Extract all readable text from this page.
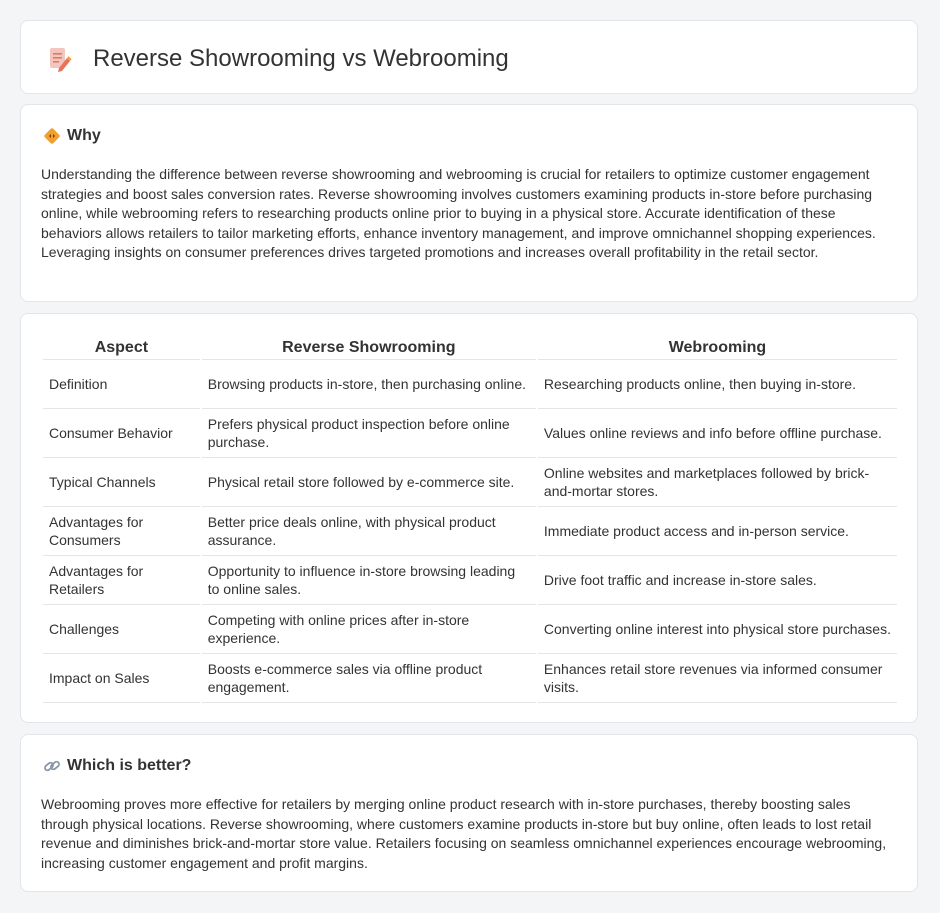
Reverse Showrooming vs Webrooming
Why

Understanding the difference between reverse showrooming and webrooming is crucial for retailers to optimize customer engagement strategies and boost sales conversion rates. Reverse showrooming involves customers examining products in-store before purchasing online, while webrooming refers to researching products online prior to buying in a physical store. Accurate identification of these behaviors allows retailers to tailor marketing efforts, enhance inventory management, and improve omnichannel shopping experiences. Leveraging insights on consumer preferences drives targeted promotions and increases overall profitability in the retail sector.

Aspect	Reverse Showrooming	Webrooming
Definition	Browsing products in-store, then purchasing online.	Researching products online, then buying in-store.
Consumer Behavior	Prefers physical product inspection before online purchase.	Values online reviews and info before offline purchase.
Typical Channels	Physical retail store followed by e-commerce site.	Online websites and marketplaces followed by brick-and-mortar stores.
Advantages for Consumers	Better price deals online, with physical product assurance.	Immediate product access and in-person service.
Advantages for Retailers	Opportunity to influence in-store browsing leading to online sales.	Drive foot traffic and increase in-store sales.
Challenges	Competing with online prices after in-store experience.	Converting online interest into physical store purchases.
Impact on Sales	Boosts e-commerce sales via offline product engagement.	Enhances retail store revenues via informed consumer visits.
Which is better?

Webrooming proves more effective for retailers by merging online product research with in-store purchases, thereby boosting sales through physical locations. Reverse showrooming, where customers examine products in-store but buy online, often leads to lost retail revenue and diminishes brick-and-mortar store value. Retailers focusing on seamless omnichannel experiences encourage webrooming, increasing customer engagement and profit margins.
